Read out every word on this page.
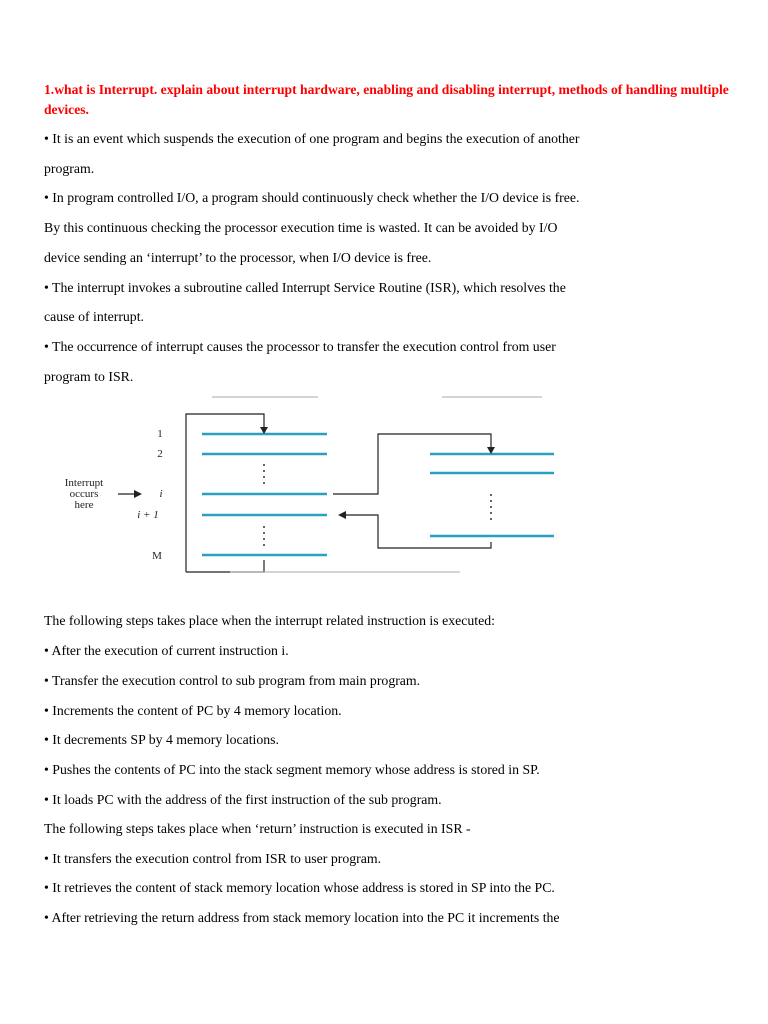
1.what is Interrupt. explain about interrupt hardware, enabling and disabling interrupt, methods of handling multiple devices.
• It is an event which suspends the execution of one program and begins the execution of another
program.
• In program controlled I/O, a program should continuously check whether the I/O device is free.
By this continuous checking the processor execution time is wasted. It can be avoided by I/O
device sending an ‘interrupt’ to the processor, when I/O device is free.
• The interrupt invokes a subroutine called Interrupt Service Routine (ISR), which resolves the
cause of interrupt.
• The occurrence of interrupt causes the processor to transfer the execution control from user
program to ISR.
1
2
i
i + 1
M
Interrupt
occurs
here
The following steps takes place when the interrupt related instruction is executed:
• After the execution of current instruction i.
• Transfer the execution control to sub program from main program.
• Increments the content of PC by 4 memory location.
• It decrements SP by 4 memory locations.
• Pushes the contents of PC into the stack segment memory whose address is stored in SP.
• It loads PC with the address of the first instruction of the sub program.
The following steps takes place when ‘return’ instruction is executed in ISR -
• It transfers the execution control from ISR to user program.
• It retrieves the content of stack memory location whose address is stored in SP into the PC.
• After retrieving the return address from stack memory location into the PC it increments the
